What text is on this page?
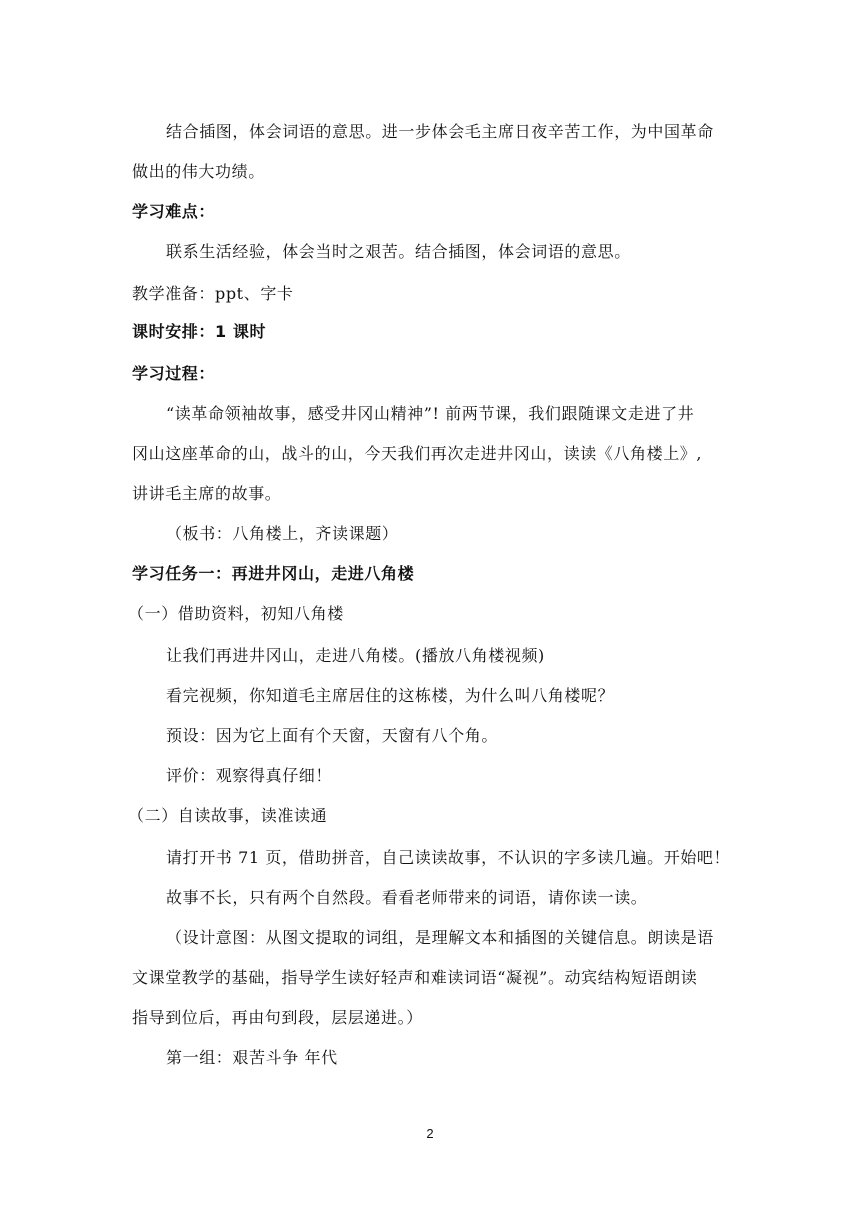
结合插图，体会词语的意思。进一步体会毛主席日夜辛苦工作，为中国革命
做出的伟大功绩。
学习难点：
联系生活经验，体会当时之艰苦。结合插图，体会词语的意思。
教学准备：ppt、字卡
课时安排：1 课时
学习过程：
“读革命领袖故事，感受井冈山精神”! 前两节课，我们跟随课文走进了井
冈山这座革命的山，战斗的山，今天我们再次走进井冈山，读读《八角楼上》,
讲讲毛主席的故事。
（板书：八角楼上，齐读课题）
学习任务一：再进井冈山，走进八角楼
（一）借助资料，初知八角楼
让我们再进井冈山，走进八角楼。(播放八角楼视频)
看完视频，你知道毛主席居住的这栋楼，为什么叫八角楼呢？
预设：因为它上面有个天窗，天窗有八个角。
评价：观察得真仔细！
（二）自读故事，读准读通
请打开书 71 页，借助拼音，自己读读故事，不认识的字多读几遍。开始吧！
故事不长，只有两个自然段。看看老师带来的词语，请你读一读。
（设计意图：从图文提取的词组，是理解文本和插图的关键信息。朗读是语
文课堂教学的基础，指导学生读好轻声和难读词语“凝视”。动宾结构短语朗读
指导到位后，再由句到段，层层递进。）
第一组：艰苦斗争 年代
2
